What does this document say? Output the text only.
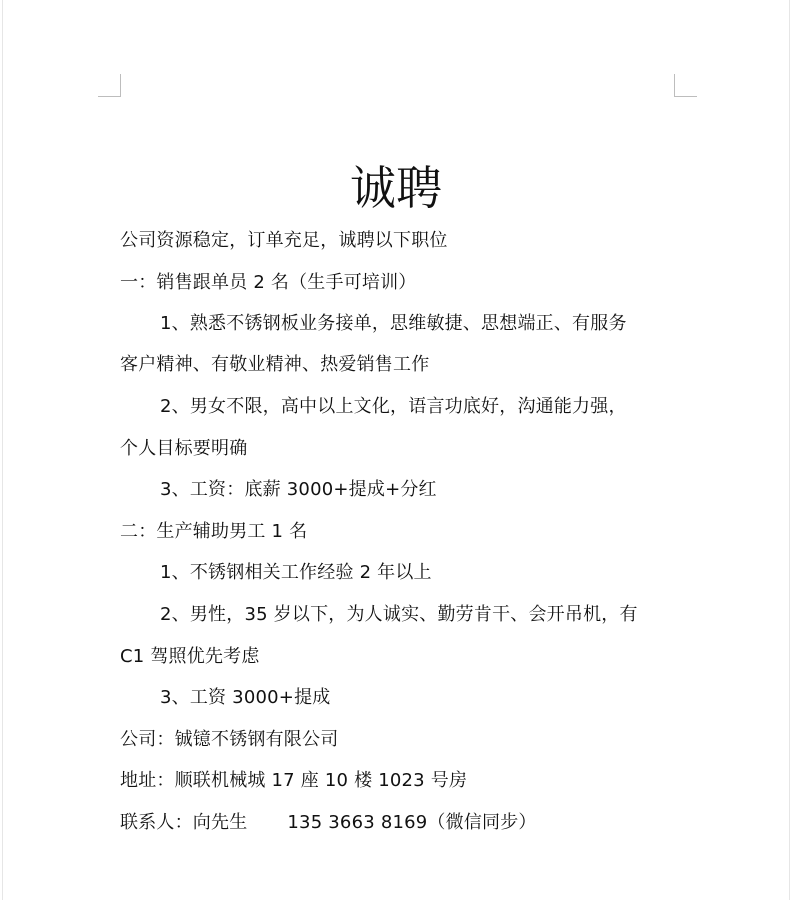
诚聘
公司资源稳定，订单充足，诚聘以下职位
一：销售跟单员 2 名（生手可培训）
1、熟悉不锈钢板业务接单，思维敏捷、思想端正、有服务
客户精神、有敬业精神、热爱销售工作
2、男女不限，高中以上文化，语言功底好，沟通能力强，
个人目标要明确
3、工资：底薪 3000+提成+分红
二：生产辅助男工 1 名
1、不锈钢相关工作经验 2 年以上
2、男性，35 岁以下，为人诚实、勤劳肯干、会开吊机，有
C1 驾照优先考虑
3、工资 3000+提成
公司：铖镱不锈钢有限公司
地址：顺联机械城 17 座 10 楼 1023 号房
联系人：向先生 135 3663 8169（微信同步）
